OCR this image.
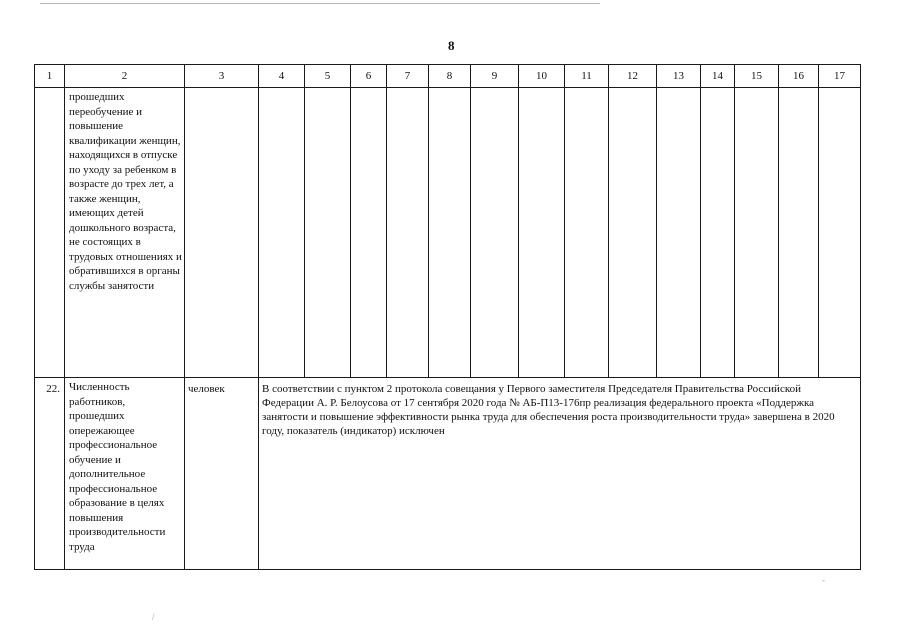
8
1	2	3	4	5	6	7	8	9	10	11	12	13	14	15	16	17

	прошедших переобучение и повышение квалификации женщин, находящихся в отпуске по уходу за ребенком в возрасте до трех лет, а также женщин, имеющих детей дошкольного возраста, не состоящих в трудовых отношениях и обратившихся в органы службы занятости															

22.	Численность работников, прошедших опережающее профессиональное обучение и дополнительное профессиональное образование в целях повышения производительности труда	человек	В соответствии с пунктом 2 протокола совещания у Первого заместителя Председателя Правительства Российской Федерации А. Р. Белоусова от 17 сентября 2020 года № АБ-П13-176пр реализация федерального проекта «Поддержка занятости и повышение эффективности рынка труда для обеспечения роста производительности труда» завершена в 2020 году, показатель (индикатор) исключен													
/
-
